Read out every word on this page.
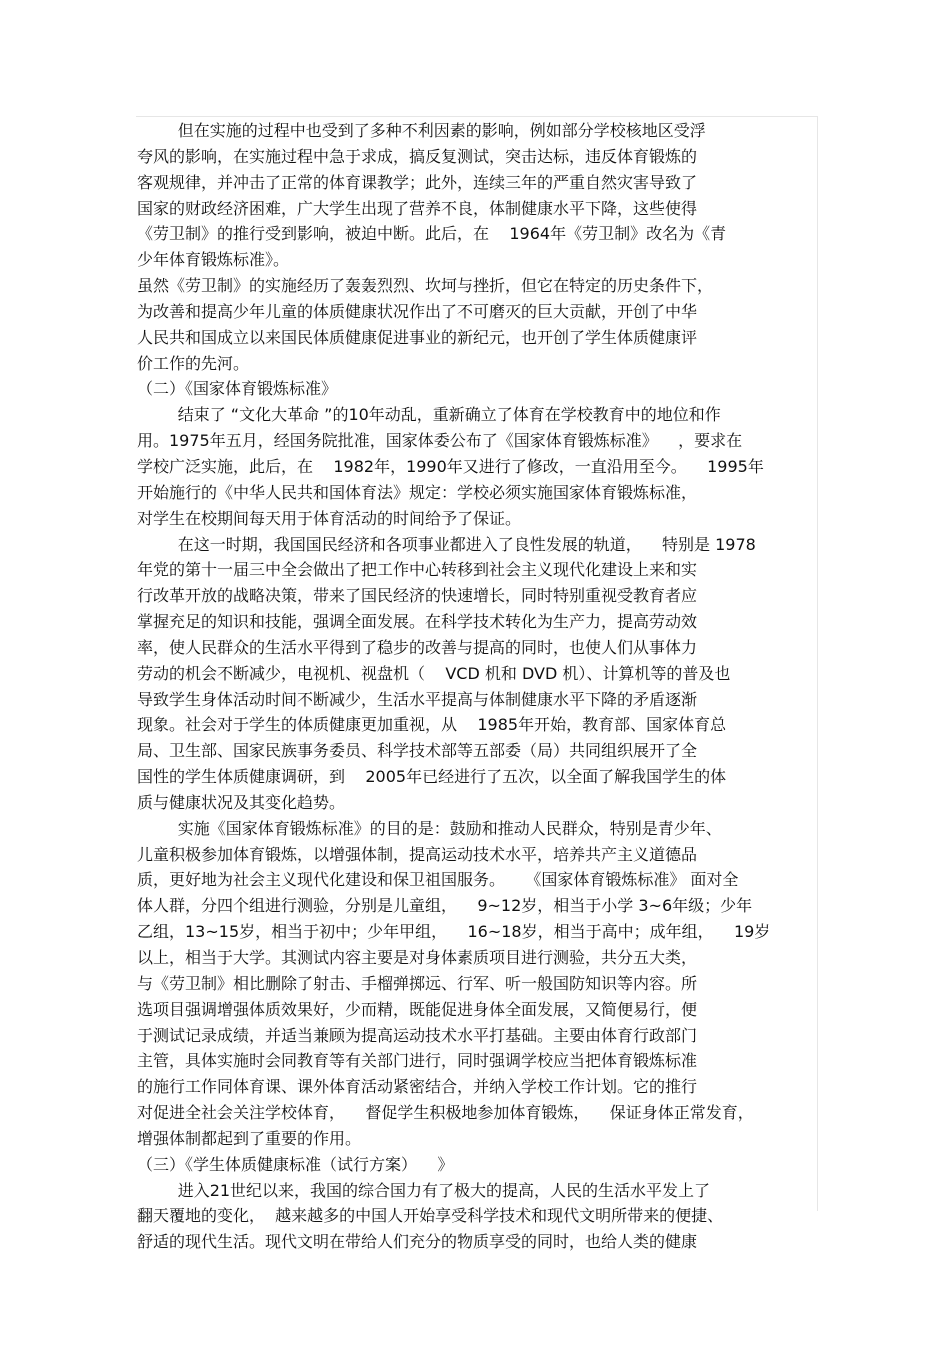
但在实施的过程中也受到了多种不利因素的影响，例如部分学校核地区受浮
夸风的影响，在实施过程中急于求成，搞反复测试，突击达标，违反体育锻炼的
客观规律，并冲击了正常的体育课教学；此外，连续三年的严重自然灾害导致了
国家的财政经济困难，广大学生出现了营养不良，体制健康水平下降，这些使得
《劳卫制》的推行受到影响，被迫中断。此后，在    1964年《劳卫制》改名为《青
少年体育锻炼标准》。
虽然《劳卫制》的实施经历了轰轰烈烈、坎坷与挫折，但它在特定的历史条件下，
为改善和提高少年儿童的体质健康状况作出了不可磨灭的巨大贡献，开创了中华
人民共和国成立以来国民体质健康促进事业的新纪元，也开创了学生体质健康评
价工作的先河。
（二）《国家体育锻炼标准》
结束了 “文化大革命 ”的10年动乱，重新确立了体育在学校教育中的地位和作
用。1975年五月，经国务院批准，国家体委公布了《国家体育锻炼标准》    ，要求在
学校广泛实施，此后，在    1982年，1990年又进行了修改，一直沿用至今。    1995年
开始施行的《中华人民共和国体育法》规定：学校必须实施国家体育锻炼标准，
对学生在校期间每天用于体育活动的时间给予了保证。
在这一时期，我国国民经济和各项事业都进入了良性发展的轨道，    特别是 1978
年党的第十一届三中全会做出了把工作中心转移到社会主义现代化建设上来和实
行改革开放的战略决策，带来了国民经济的快速增长，同时特别重视受教育者应
掌握充足的知识和技能，强调全面发展。在科学技术转化为生产力，提高劳动效
率，使人民群众的生活水平得到了稳步的改善与提高的同时，也使人们从事体力
劳动的机会不断减少，电视机、视盘机（    VCD 机和 DVD 机）、计算机等的普及也
导致学生身体活动时间不断减少，生活水平提高与体制健康水平下降的矛盾逐渐
现象。社会对于学生的体质健康更加重视，从    1985年开始，教育部、国家体育总
局、卫生部、国家民族事务委员、科学技术部等五部委（局）共同组织展开了全
国性的学生体质健康调研，到    2005年已经进行了五次，以全面了解我国学生的体
质与健康状况及其变化趋势。
实施《国家体育锻炼标准》的目的是：鼓励和推动人民群众，特别是青少年、
儿童积极参加体育锻炼，以增强体制，提高运动技术水平，培养共产主义道德品
质，更好地为社会主义现代化建设和保卫祖国服务。    《国家体育锻炼标准》 面对全
体人群，分四个组进行测验，分别是儿童组，    9~12岁，相当于小学 3~6年级；少年
乙组，13~15岁，相当于初中；少年甲组，    16~18岁，相当于高中；成年组，    19岁
以上，相当于大学。其测试内容主要是对身体素质项目进行测验，共分五大类，
与《劳卫制》相比删除了射击、手榴弹掷远、行军、听一般国防知识等内容。所
选项目强调增强体质效果好，少而精，既能促进身体全面发展，又简便易行，便
于测试记录成绩，并适当兼顾为提高运动技术水平打基础。主要由体育行政部门
主管，具体实施时会同教育等有关部门进行，同时强调学校应当把体育锻炼标准
的施行工作同体育课、课外体育活动紧密结合，并纳入学校工作计划。它的推行
对促进全社会关注学校体育，    督促学生积极地参加体育锻炼，    保证身体正常发育，
增强体制都起到了重要的作用。
（三）《学生体质健康标准（试行方案）    》
进入21世纪以来，我国的综合国力有了极大的提高，人民的生活水平发上了
翻天覆地的变化，  越来越多的中国人开始享受科学技术和现代文明所带来的便捷、
舒适的现代生活。现代文明在带给人们充分的物质享受的同时，也给人类的健康
